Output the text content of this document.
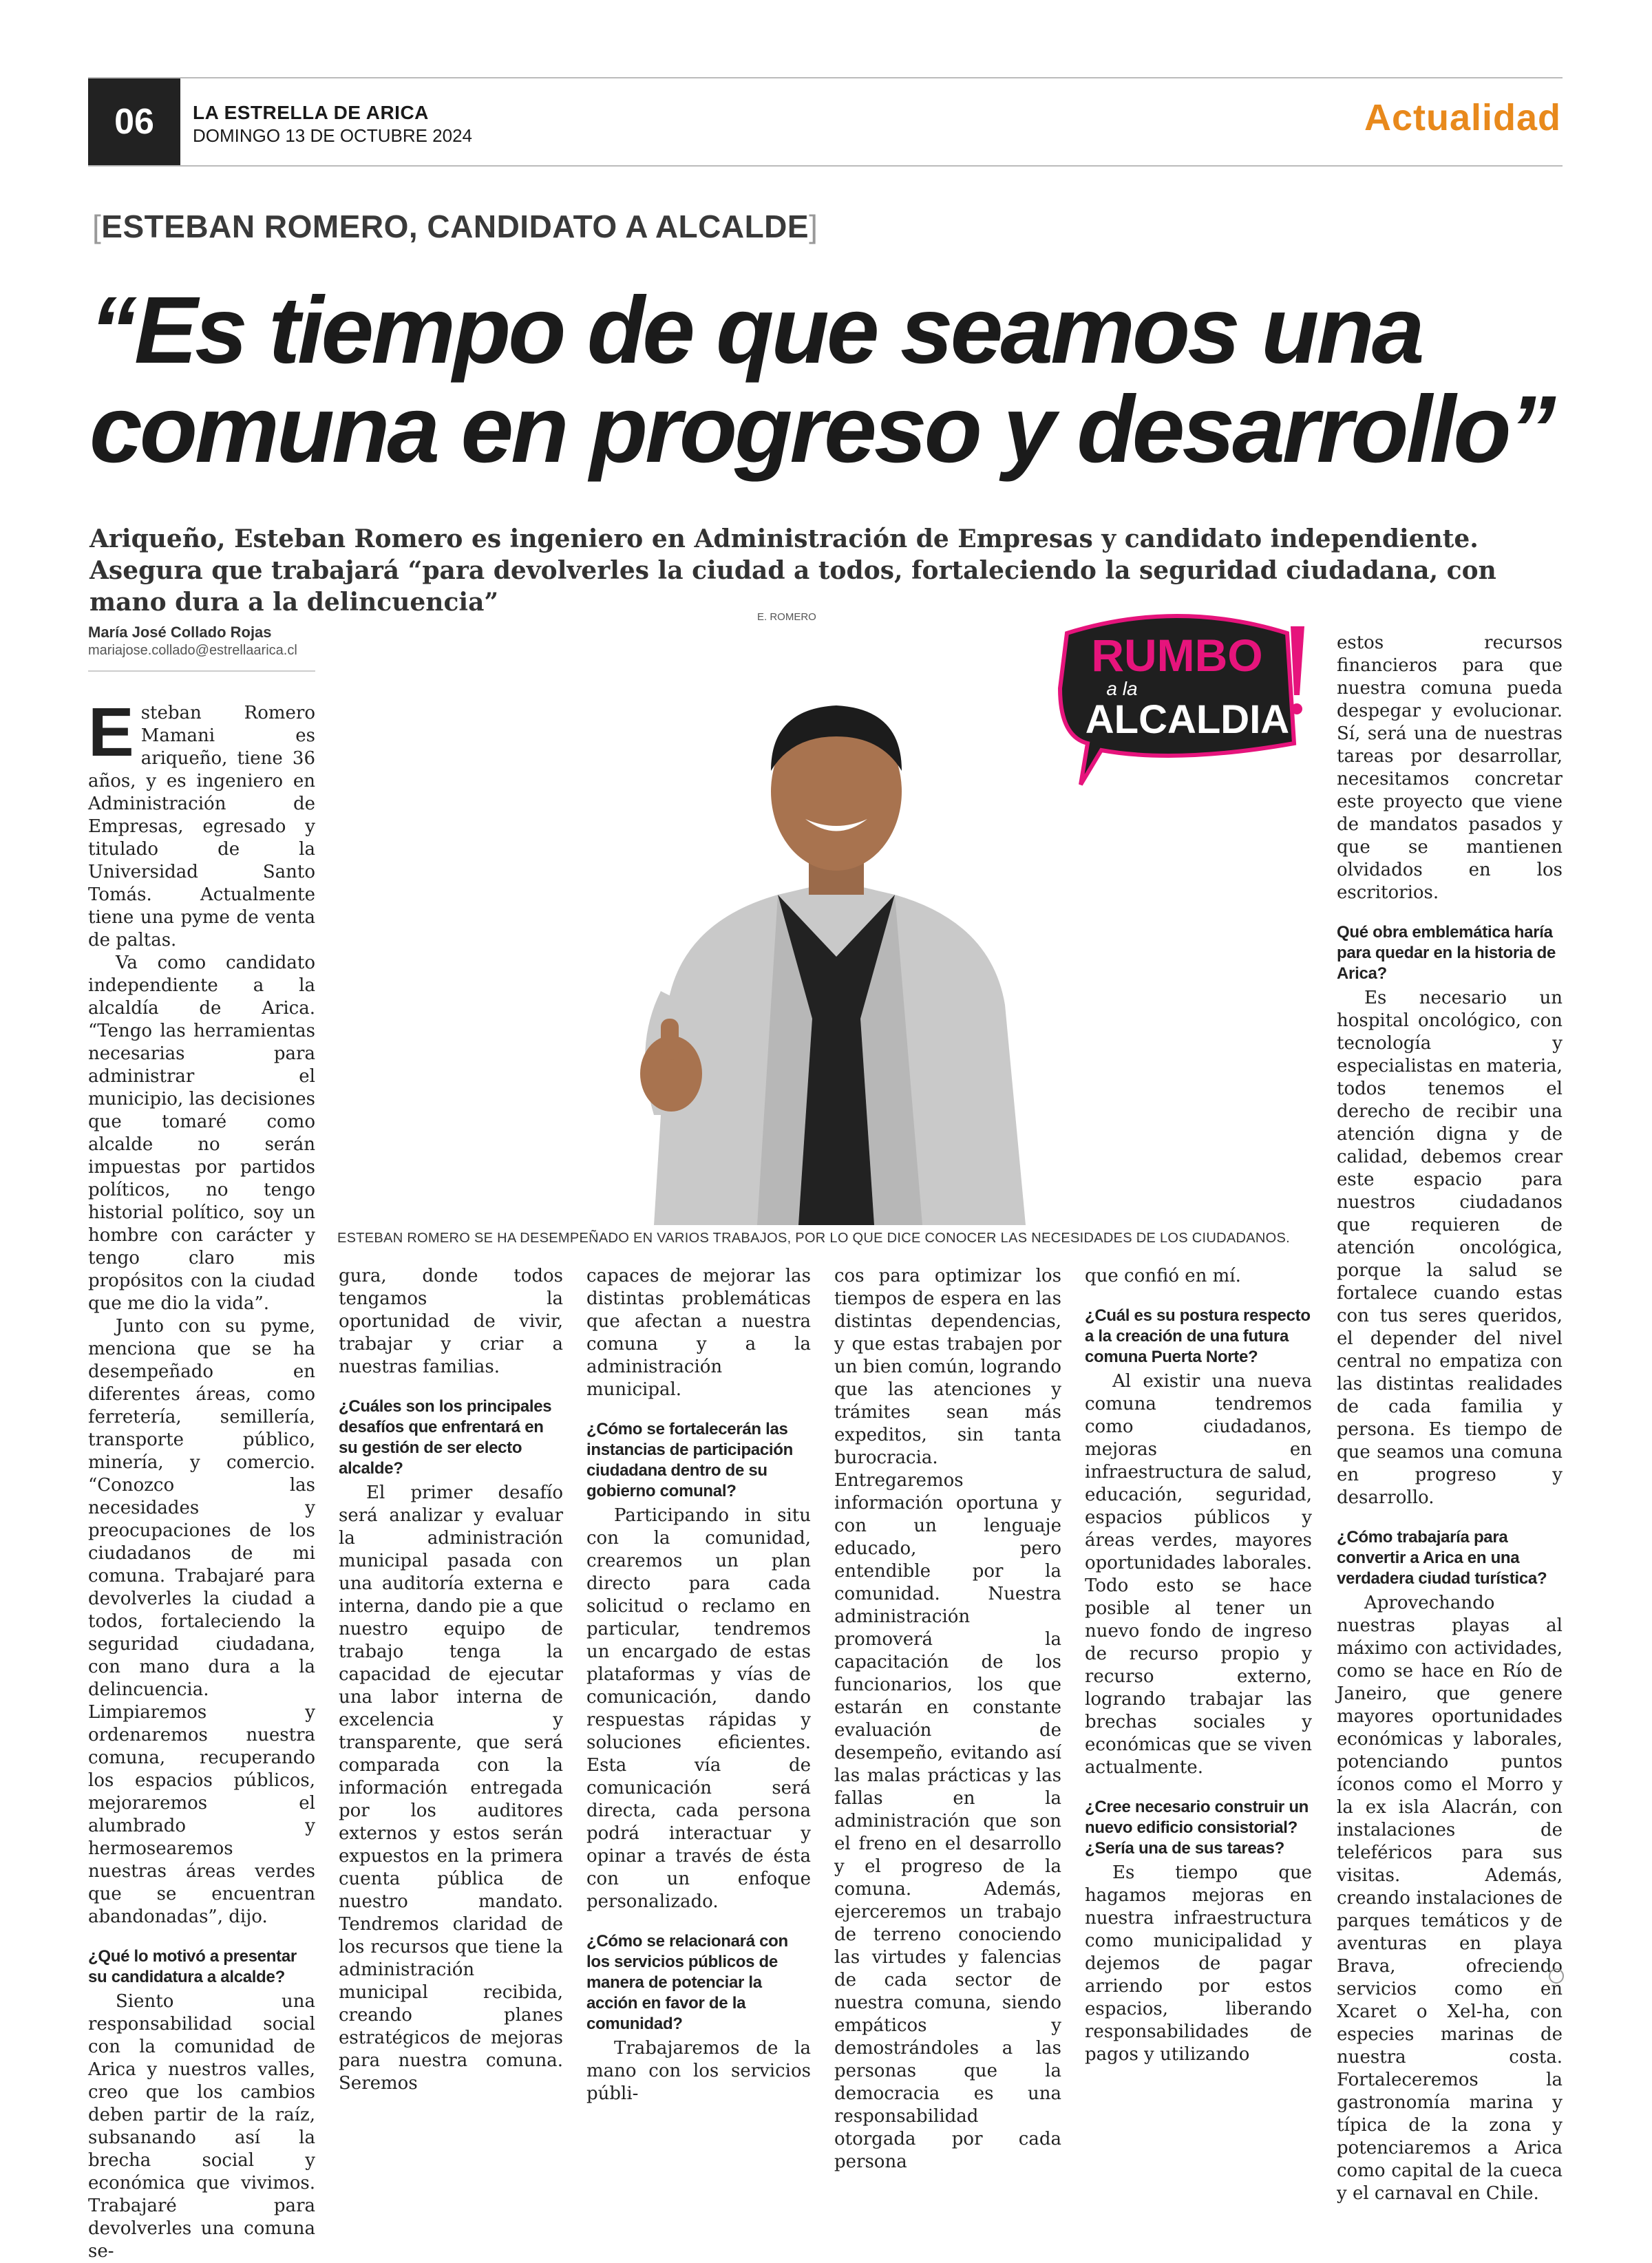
06	LA ESTRELLA DE ARICA
DOMINGO 13 DE OCTUBRE 2024	Actualidad
[ESTEBAN ROMERO, CANDIDATO A ALCALDE]
“Es tiempo de que seamos una
comuna en progreso y desarrollo”
Ariqueño, Esteban Romero es ingeniero en Administración de Empresas y candidato independiente. Asegura que trabajará “para devolverles la ciudad a todos, fortaleciendo la seguridad ciudadana, con mano dura a la delincuencia”
María José Collado Rojas
mariajose.collado@estrellaarica.cl
E. ROMERO
RUMBO
a la
ALCALDIA
ESTEBAN ROMERO SE HA DESEMPEÑADO EN VARIOS TRABAJOS, POR LO QUE DICE CONOCER LAS NECESIDADES DE LOS CIUDADANOS.

Esteban Romero Mamani es ariqueño, tiene 36 años, y es ingeniero en Administración de Empresas, egresado y titulado de la Universidad Santo Tomás. Actualmente tiene una pyme de venta de paltas.

Va como candidato independiente a la alcaldía de Arica. “Tengo las herramientas necesarias para administrar el municipio, las decisiones que tomaré como alcalde no serán impuestas por partidos políticos, no tengo historial político, soy un hombre con carácter y tengo claro mis propósitos con la ciudad que me dio la vida”.

Junto con su pyme, menciona que se ha desempeñado en diferentes áreas, como ferretería, semillería, transporte público, minería, y comercio. “Conozco las necesidades y preocupaciones de los ciudadanos de mi comuna. Trabajaré para devolverles la ciudad a todos, fortaleciendo la seguridad ciudadana, con mano dura a la delincuencia. Limpiaremos y ordenaremos nuestra comuna, recuperando los espacios públicos, mejoraremos el alumbrado y hermosearemos nuestras áreas verdes que se encuentran abandonadas”, dijo.

¿Qué lo motivó a presentar su candidatura a alcalde?

Siento una responsabilidad social con la comunidad de Arica y nuestros valles, creo que los cambios deben partir de la raíz, subsanando así la brecha social y económica que vivimos. Trabajaré para devolverles una comuna se-

gura, donde todos tengamos la oportunidad de vivir, trabajar y criar a nuestras familias.

¿Cuáles son los principales desafíos que enfrentará en su gestión de ser electo alcalde?

El primer desafío será analizar y evaluar la administración municipal pasada con una auditoría externa e interna, dando pie a que nuestro equipo de trabajo tenga la capacidad de ejecutar una labor interna de excelencia y transparente, que será comparada con la información entregada por los auditores externos y estos serán expuestos en la primera cuenta pública de nuestro mandato. Tendremos claridad de los recursos que tiene la administración municipal recibida, creando planes estratégicos de mejoras para nuestra comuna. Seremos

capaces de mejorar las distintas problemáticas que afectan a nuestra comuna y a la administración municipal.

¿Cómo se fortalecerán las instancias de participación ciudadana dentro de su gobierno comunal?

Participando in situ con la comunidad, crearemos un plan directo para cada solicitud o reclamo en particular, tendremos un encargado de estas plataformas y vías de comunicación, dando respuestas rápidas y soluciones eficientes. Esta vía de comunicación será directa, cada persona podrá interactuar y opinar a través de ésta con un enfoque personalizado.

¿Cómo se relacionará con los servicios públicos de manera de potenciar la acción en favor de la comunidad?

Trabajaremos de la mano con los servicios públi-

cos para optimizar los tiempos de espera en las distintas dependencias, y que estas trabajen por un bien común, logrando que las atenciones y trámites sean más expeditos, sin tanta burocracia. Entregaremos información oportuna y con un lenguaje educado, pero entendible por la comunidad. Nuestra administración promoverá la capacitación de los funcionarios, los que estarán en constante evaluación de desempeño, evitando así las malas prácticas y las fallas en la administración que son el freno en el desarrollo y el progreso de la comuna. Además, ejerceremos un trabajo de terreno conociendo las virtudes y falencias de cada sector de nuestra comuna, siendo empáticos y demostrándoles a las personas que la democracia es una responsabilidad otorgada por cada persona

que confió en mí.

¿Cuál es su postura respecto a la creación de una futura comuna Puerta Norte?

Al existir una nueva comuna tendremos como ciudadanos, mejoras en infraestructura de salud, educación, seguridad, espacios públicos y áreas verdes, mayores oportunidades laborales. Todo esto se hace posible al tener un nuevo fondo de ingreso de recurso propio y recurso externo, logrando trabajar las brechas sociales y económicas que se viven actualmente.

¿Cree necesario construir un nuevo edificio consistorial? ¿Sería una de sus tareas?

Es tiempo que hagamos mejoras en nuestra infraestructura como municipalidad y dejemos de pagar arriendo por estos espacios, liberando responsabilidades de pagos y utilizando

estos recursos financieros para que nuestra comuna pueda despegar y evolucionar. Sí, será una de nuestras tareas por desarrollar, necesitamos concretar este proyecto que viene de mandatos pasados y que se mantienen olvidados en los escritorios.

Qué obra emblemática haría para quedar en la historia de Arica?

Es necesario un hospital oncológico, con tecnología y especialistas en materia, todos tenemos el derecho de recibir una atención digna y de calidad, debemos crear este espacio para nuestros ciudadanos que requieren de atención oncológica, porque la salud se fortalece cuando estas con tus seres queridos, el depender del nivel central no empatiza con las distintas realidades de cada familia y persona. Es tiempo de que seamos una comuna en progreso y desarrollo.

¿Cómo trabajaría para convertir a Arica en una verdadera ciudad turística?

Aprovechando nuestras playas al máximo con actividades, como se hace en Río de Janeiro, que genere mayores oportunidades económicas y laborales, potenciando puntos íconos como el Morro y la ex isla Alacrán, con instalaciones de teleféricos para sus visitas. Además, creando instalaciones de parques temáticos y de aventuras en playa Brava, ofreciendo servicios como en Xcaret o Xel-ha, con especies marinas de nuestra costa. Fortaleceremos la gastronomía marina y típica de la zona y potenciaremos a Arica como capital de la cueca y el carnaval en Chile.
